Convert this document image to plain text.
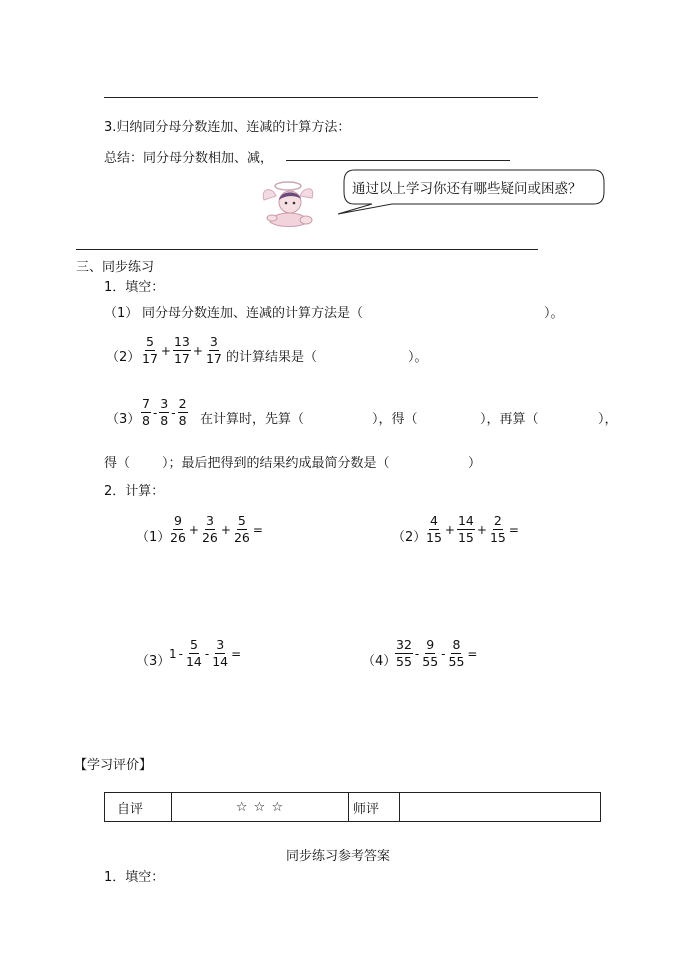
3.归纳同分母分数连加、连减的计算方法：
总结：同分母分数相加、减，
通过以上学习你还有哪些疑问或困惑？
三、同步练习
1．填空：
（1） 同分母分数连加、连减的计算方法是（	）。
$(2) \frac{5}{17} + \frac{13}{17} + \frac{3}{17}$ 的计算结果是（	）。
$(3) \frac{7}{8} - \frac{3}{8} - \frac{2}{8}$ 在计算时，先算（	），得（	），再算（	），
得（ ）；最后把得到的结果约成最简分数是（	）
2．计算：
（1）
$\frac{9}{26} + \frac{3}{26} + \frac{5}{26}$ =
（2）
$\frac{4}{15} + \frac{14}{15} + \frac{2}{15}$ =
（3）
$1 - \frac{5}{14} - \frac{3}{14}$ =
（4）
$\frac{32}{55} - \frac{9}{55} - \frac{8}{55}$ =
【学习评价】
自评	☆ ☆ ☆	师评	
同步练习参考答案
1．填空：
